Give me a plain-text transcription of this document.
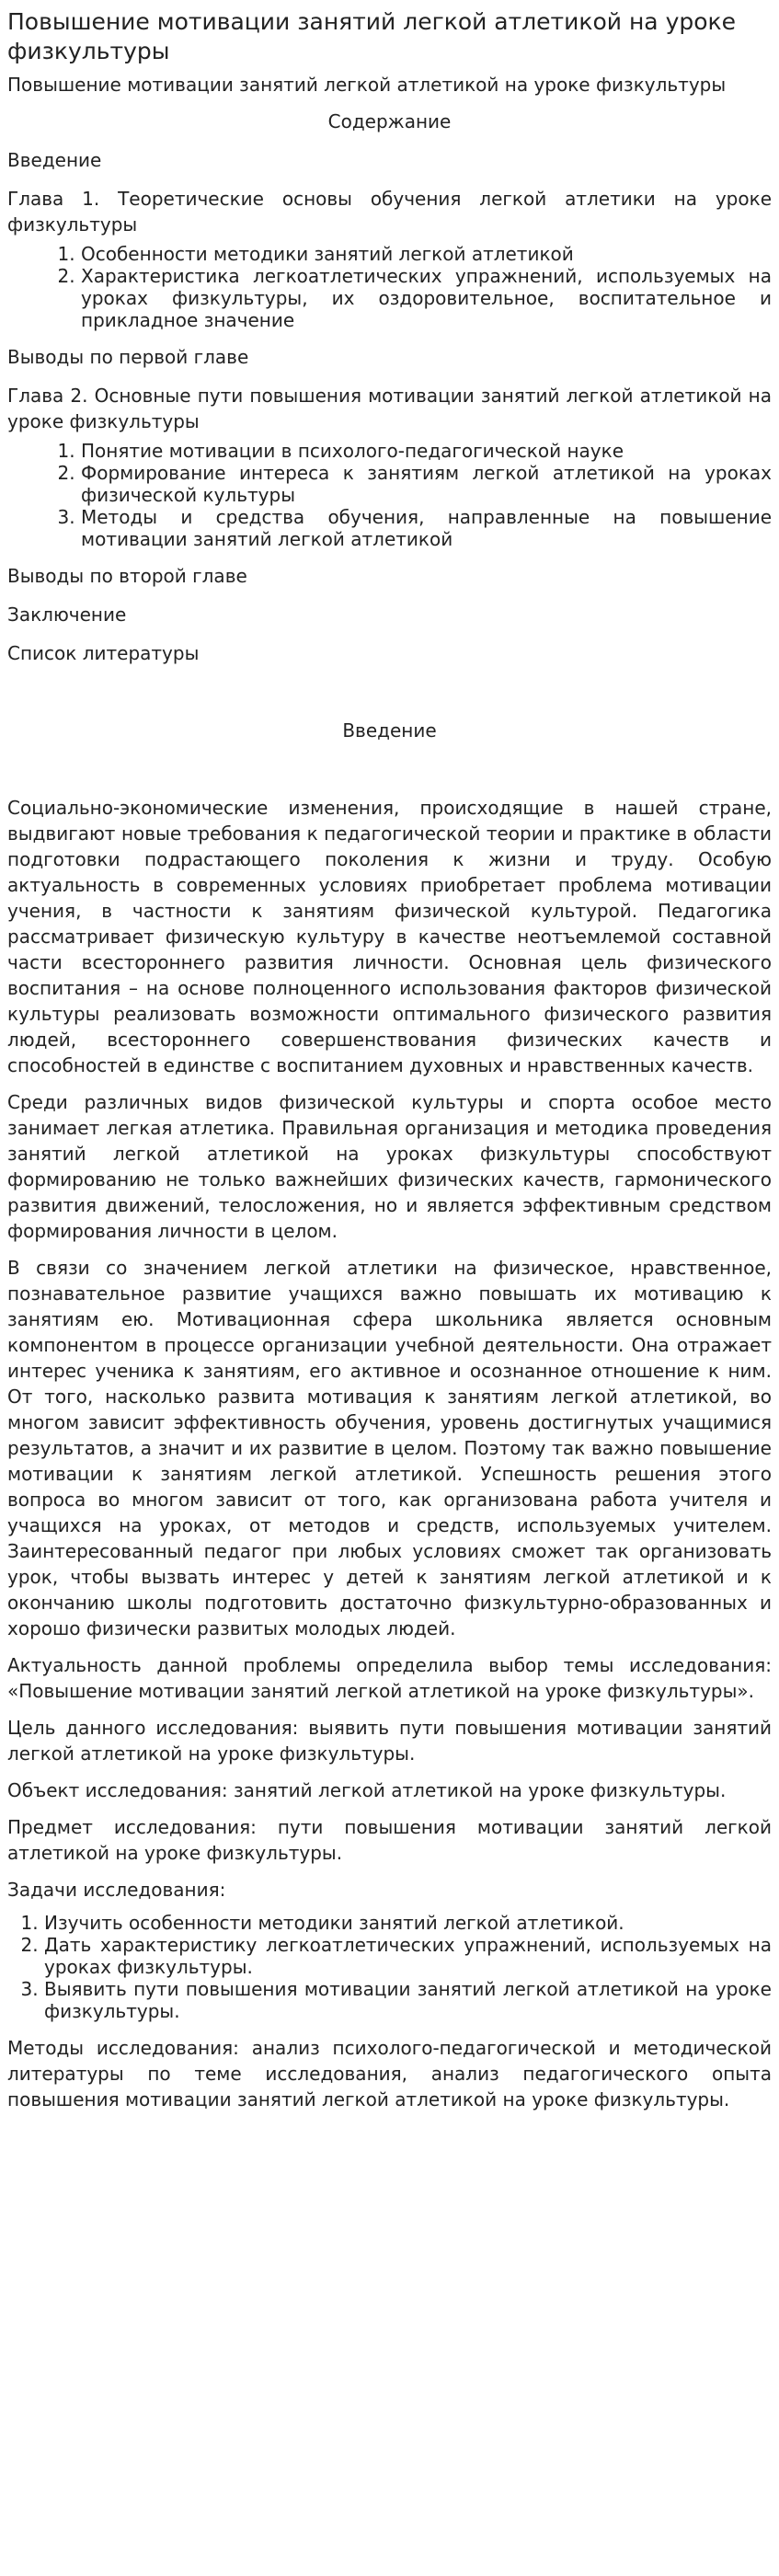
Повышение мотивации занятий легкой атлетикой на уроке физкультуры

Повышение мотивации занятий легкой атлетикой на уроке физкультуры

Содержание

Введение

Глава 1. Теоретические основы обучения легкой атлетики на уроке физкультуры

1. Особенности методики занятий легкой атлетикой
2. Характеристика легкоатлетических упражнений, используемых на уроках физкультуры, их оздоровительное, воспитательное и прикладное значение

Выводы по первой главе

Глава 2. Основные пути повышения мотивации занятий легкой атлетикой на уроке физкультуры

1. Понятие мотивации в психолого-педагогической науке
2. Формирование интереса к занятиям легкой атлетикой на уроках физической культуры
3. Методы и средства обучения, направленные на повышение мотивации занятий легкой атлетикой

Выводы по второй главе

Заключение

Список литературы

Введение

Социально-экономические изменения, происходящие в нашей стране, выдвигают новые требования к педагогической теории и практике в области подготовки подрастающего поколения к жизни и труду. Особую актуальность в современных условиях приобретает проблема мотивации учения, в частности к занятиям физической культурой. Педагогика рассматривает физическую культуру в качестве неотъемлемой составной части всестороннего развития личности. Основная цель физического воспитания – на основе полноценного использования факторов физической культуры реализовать возможности оптимального физического развития людей, всестороннего совершенствования физических качеств и способностей в единстве с воспитанием духовных и нравственных качеств.

Среди различных видов физической культуры и спорта особое место занимает легкая атлетика. Правильная организация и методика проведения занятий легкой атлетикой на уроках физкультуры способствуют формированию не только важнейших физических качеств, гармонического развития движений, телосложения, но и является эффективным средством формирования личности в целом.

В связи со значением легкой атлетики на физическое, нравственное, познавательное развитие учащихся важно повышать их мотивацию к занятиям ею. Мотивационная сфера школьника является основным компонентом в процессе организации учебной деятельности. Она отражает интерес ученика к занятиям, его активное и осознанное отношение к ним. От того, насколько развита мотивация к занятиям легкой атлетикой, во многом зависит эффективность обучения, уровень достигнутых учащимися результатов, а значит и их развитие в целом. Поэтому так важно повышение мотивации к занятиям легкой атлетикой. Успешность решения этого вопроса во многом зависит от того, как организована работа учителя и учащихся на уроках, от методов и средств, используемых учителем. Заинтересованный педагог при любых условиях сможет так организовать урок, чтобы вызвать интерес у детей к занятиям легкой атлетикой и к окончанию школы подготовить достаточно физкультурно-образованных и хорошо физически развитых молодых людей.

Актуальность данной проблемы определила выбор темы исследования: «Повышение мотивации занятий легкой атлетикой на уроке физкультуры».

Цель данного исследования: выявить пути повышения мотивации занятий легкой атлетикой на уроке физкультуры.

Объект исследования: занятий легкой атлетикой на уроке физкультуры.

Предмет исследования: пути повышения мотивации занятий легкой атлетикой на уроке физкультуры.

Задачи исследования:

1. Изучить особенности методики занятий легкой атлетикой.
2. Дать характеристику легкоатлетических упражнений, используемых на уроках физкультуры.
3. Выявить пути повышения мотивации занятий легкой атлетикой на уроке физкультуры.

Методы исследования: анализ психолого-педагогической и методической литературы по теме исследования, анализ педагогического опыта повышения мотивации занятий легкой атлетикой на уроке физкультуры.
